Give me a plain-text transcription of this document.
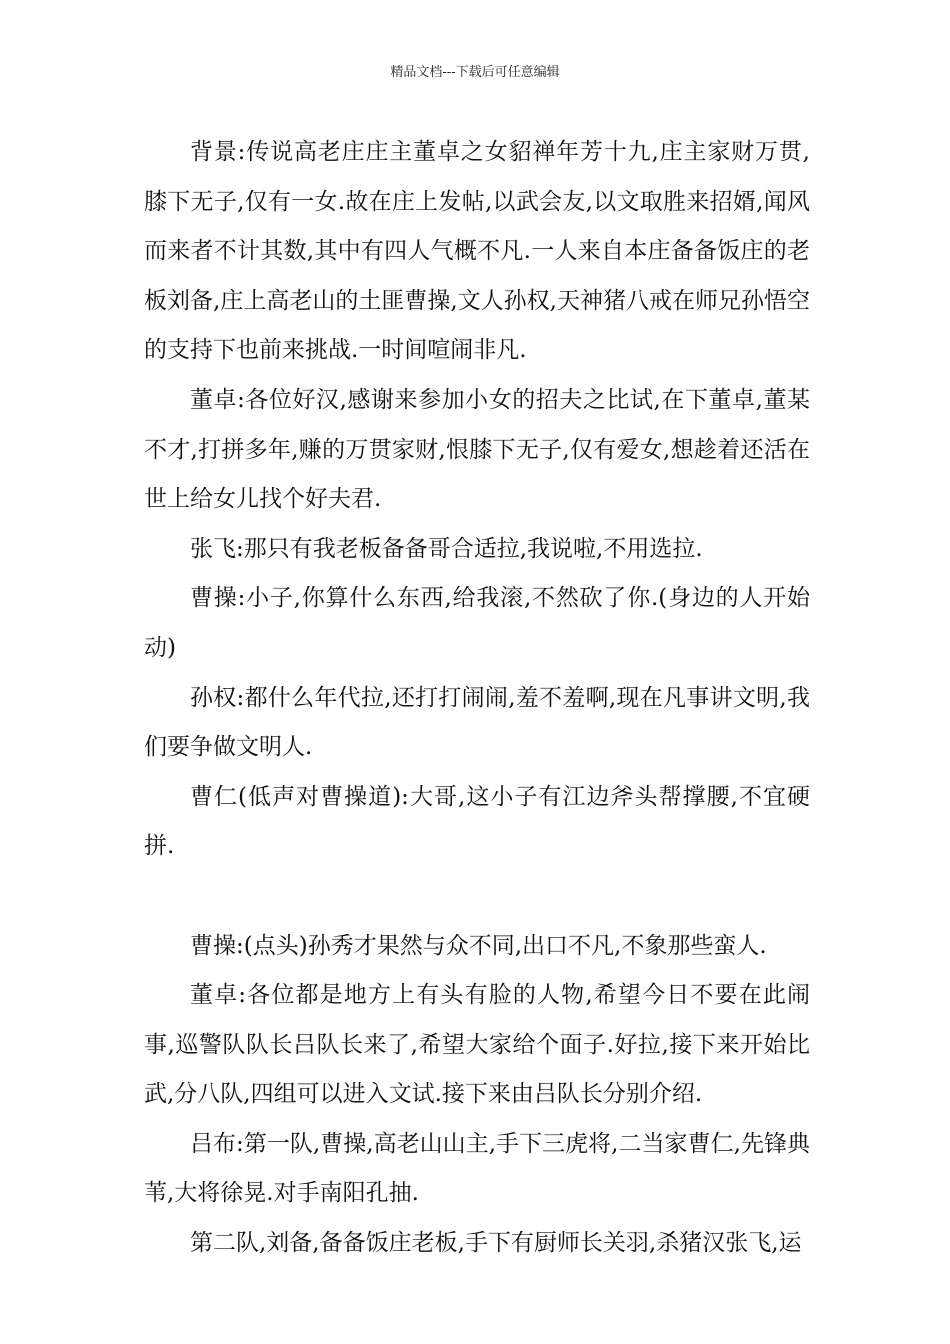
精品文档---下载后可任意编辑

背景:传说高老庄庄主董卓之女貂禅年芳十九,庄主家财万贯,膝下无子,仅有一女.故在庄上发帖,以武会友,以文取胜来招婿,闻风而来者不计其数,其中有四人气概不凡.一人来自本庄备备饭庄的老板刘备,庄上高老山的土匪曹操,文人孙权,天神猪八戒在师兄孙悟空的支持下也前来挑战.一时间喧闹非凡.

董卓:各位好汉,感谢来参加小女的招夫之比试,在下董卓,董某不才,打拼多年,赚的万贯家财,恨膝下无子,仅有爱女,想趁着还活在世上给女儿找个好夫君.

张飞:那只有我老板备备哥合适拉,我说啦,不用选拉.

曹操:小子,你算什么东西,给我滚,不然砍了你.(身边的人开始动)

孙权:都什么年代拉,还打打闹闹,羞不羞啊,现在凡事讲文明,我们要争做文明人.

曹仁(低声对曹操道):大哥,这小子有江边斧头帮撑腰,不宜硬拼.

曹操:(点头)孙秀才果然与众不同,出口不凡,不象那些蛮人.

董卓:各位都是地方上有头有脸的人物,希望今日不要在此闹事,巡警队队长吕队长来了,希望大家给个面子.好拉,接下来开始比武,分八队,四组可以进入文试.接下来由吕队长分别介绍.

吕布:第一队,曹操,高老山山主,手下三虎将,二当家曹仁,先锋典苇,大将徐晃.对手南阳孔抽.

第二队,刘备,备备饭庄老板,手下有厨师长关羽,杀猪汉张飞,运
